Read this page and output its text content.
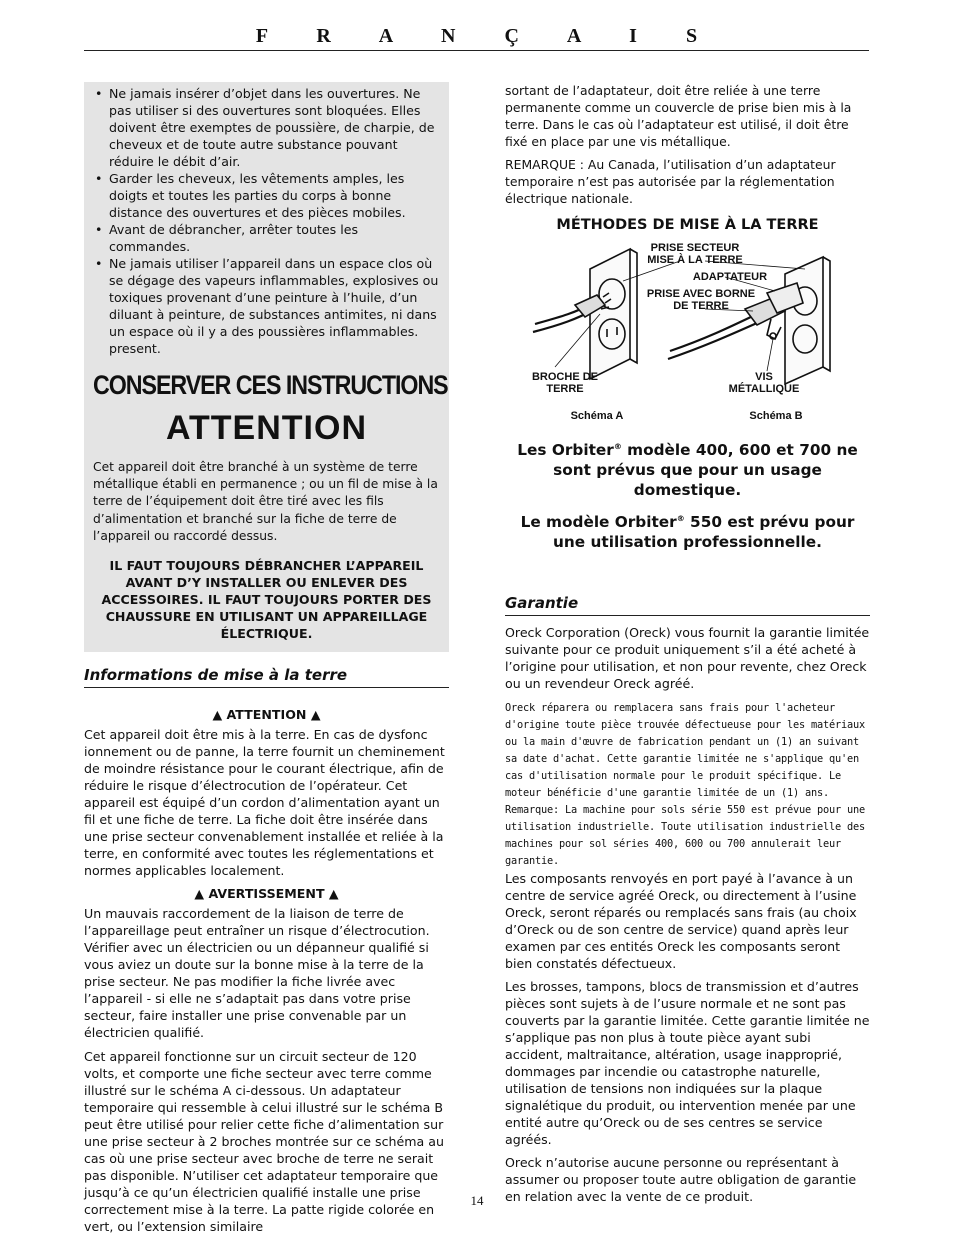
F R A N Ç A I S
• Ne jamais insérer d’objet dans les ouvertures. Ne pas utiliser si des ouvertures sont bloquées. Elles doivent être exemptes de poussière, de charpie, de cheveux et de toute autre substance pouvant réduire le débit d’air.
• Garder les cheveux, les vêtements amples, les doigts et toutes les parties du corps à bonne distance des ouvertures et des pièces mobiles.
• Avant de débrancher, arrêter toutes les commandes.
• Ne jamais utiliser l’appareil dans un espace clos où se dégage des vapeurs inflammables, explosives ou toxiques provenant d’une peinture à l’huile, d’un diluant à peinture, de substances antimites, ni dans un espace où il y a des poussières inflammables. present.
CONSERVER CES INSTRUCTIONS
ATTENTION

Cet appareil doit être branché à un système de terre métallique établi en permanence ; ou un fil de mise à la terre de l’équipement doit être tiré avec les fils d’alimentation et branché sur la fiche de terre de l’appareil ou raccordé dessus.

IL FAUT TOUJOURS DÉBRANCHER L’APPAREIL AVANT D’Y INSTALLER OU ENLEVER DES ACCESSOIRES. IL FAUT TOUJOURS PORTER DES CHAUSSURE EN UTILISANT UN APPAREILLAGE ÉLECTRIQUE.
Informations de mise à la terre
▲ ATTENTION ▲

Cet appareil doit être mis à la terre. En cas de dysfonc ionnement ou de panne, la terre fournit un cheminement de moindre résistance pour le courant électrique, afin de réduire le risque d’électrocution de l’opérateur. Cet appareil est équipé d’un cordon d’alimentation ayant un fil et une fiche de terre. La fiche doit être insérée dans une prise secteur convenablement installée et reliée à la terre, en conformité avec toutes les réglementations et normes applicables localement.

▲ AVERTISSEMENT ▲

Un mauvais raccordement de la liaison de terre de l’appareillage peut entraîner un risque d’électrocution. Vérifier avec un électricien ou un dépanneur qualifié si vous aviez un doute sur la bonne mise à la terre de la prise secteur. Ne pas modifier la fiche livrée avec l’appareil - si elle ne s’adaptait pas dans votre prise secteur, faire installer une prise convenable par un électricien qualifié.

Cet appareil fonctionne sur un circuit secteur de 120 volts, et comporte une fiche secteur avec terre comme illustré sur le schéma A ci-dessous. Un adaptateur temporaire qui ressemble à celui illustré sur le schéma B peut être utilisé pour relier cette fiche d’alimentation sur une prise secteur à 2 broches montrée sur ce schéma au cas où une prise secteur avec broche de terre ne serait pas disponible. N’utiliser cet adaptateur temporaire que jusqu’à ce qu’un électricien qualifié installe une prise correctement mise à la terre. La patte rigide colorée en vert, ou l’extension similaire

sortant de l’adaptateur, doit être reliée à une terre permanente comme un couvercle de prise bien mis à la terre. Dans le cas où l’adaptateur est utilisé, il doit être fixé en place par une vis métallique.

REMARQUE : Au Canada, l’utilisation d’un adaptateur temporaire n’est pas autorisée par la réglementation électrique nationale.

MÉTHODES DE MISE À LA TERRE
PRISE SECTEUR
MISE À LA TERRE
ADAPTATEUR
PRISE AVEC BORNE
DE TERRE
BROCHE DE
TERRE
VIS
MÉTALLIQUE
Schéma A	Schéma B
Les Orbiter® modèle 400, 600 et 700 ne sont prévus que pour un usage domestique.
Le modèle Orbiter® 550 est prévu pour une utilisation professionnelle.
Garantie

Oreck Corporation (Oreck) vous fournit la garantie limitée suivante pour ce produit uniquement s’il a été acheté à l’origine pour utilisation, et non pour revente, chez Oreck ou un revendeur Oreck agréé.

Oreck réparera ou remplacera sans frais pour l'acheteur d'origine toute pièce trouvée défectueuse pour les matériaux ou la main d'œuvre de fabrication pendant un (1) an suivant sa date d'achat. Cette garantie limitée ne s'applique qu'en cas d'utilisation normale pour le produit spécifique. Le moteur bénéficie d'une garantie limitée de un (1) ans. Remarque: La machine pour sols série 550 est prévue pour une utilisation industrielle. Toute utilisation industrielle des machines pour sol séries 400, 600 ou 700 annulerait leur garantie.

Les composants renvoyés en port payé à l’avance à un centre de service agréé Oreck, ou directement à l’usine Oreck, seront réparés ou remplacés sans frais (au choix d’Oreck ou de son centre de service) quand après leur examen par ces entités Oreck les composants seront bien constatés défectueux.

Les brosses, tampons, blocs de transmission et d’autres pièces sont sujets à de l’usure normale et ne sont pas couverts par la garantie limitée. Cette garantie limitée ne s’applique pas non plus à toute pièce ayant subi accident, maltraitance, altération, usage inapproprié, dommages par incendie ou catastrophe naturelle, utilisation de tensions non indiquées sur la plaque signalétique du produit, ou intervention menée par une entité autre qu’Oreck ou de ses centres se service agréés.

Oreck n’autorise aucune personne ou représentant à assumer ou proposer toute autre obligation de garantie en relation avec la vente de ce produit.

14
